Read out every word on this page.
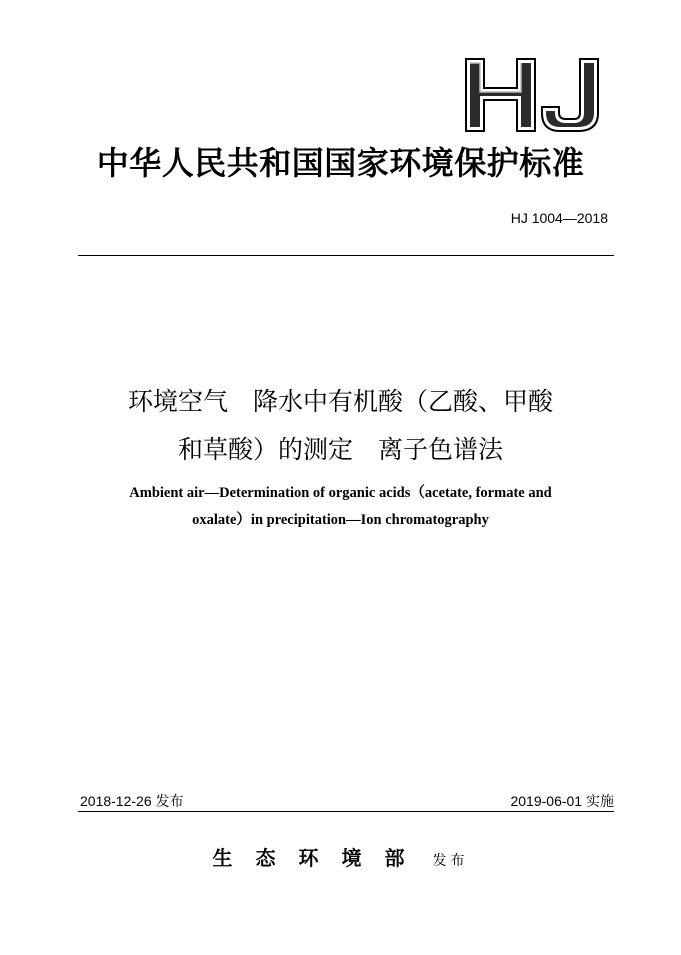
中华人民共和国国家环境保护标准
HJ 1004—2018
环境空气　降水中有机酸（乙酸、甲酸
和草酸）的测定　离子色谱法
Ambient air—Determination of organic acids（acetate, formate and
oxalate）in precipitation—Ion chromatography
2018-12-26 发布	2019-06-01 实施
生态环境部 发布
